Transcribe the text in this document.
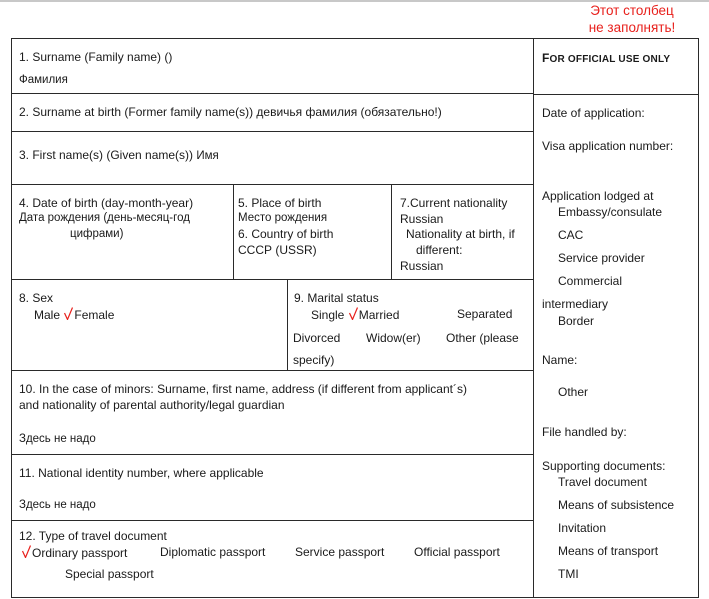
Этот столбец
не заполнять!
1. Surname (Family name) ()
Фамилия
2. Surname at birth (Former family name(s)) девичья фамилия (обязательно!)
3. First name(s) (Given name(s)) Имя
4. Date of birth (day-month-year)
Дата рождения (день-месяц-год
цифрами)
5. Place of birth
Место рождения
6. Country of birth
СССР (USSR)
7.Current nationality
Russian
Nationality at birth, if
different:
Russian
8. Sex
Male Female
9. Marital status
Single Married	Separated
Divorced Widow(er) Other (please
specify)
10. In the case of minors: Surname, first name, address (if different from applicant´s)
and nationality of parental authority/legal guardian
Здесь не надо
11. National identity number, where applicable
Здесь не надо
12. Type of travel document
Ordinary passport	Diplomatic passport Service passport Official passport
Special passport
FOR OFFICIAL USE ONLY
Date of application:
Visa application number:
Application lodged at
Embassy/consulate
CAC
Service provider
Commercial
intermediary
Border
Name:
Other
File handled by:
Supporting documents:
Travel document
Means of subsistence
Invitation
Means of transport
TMI
